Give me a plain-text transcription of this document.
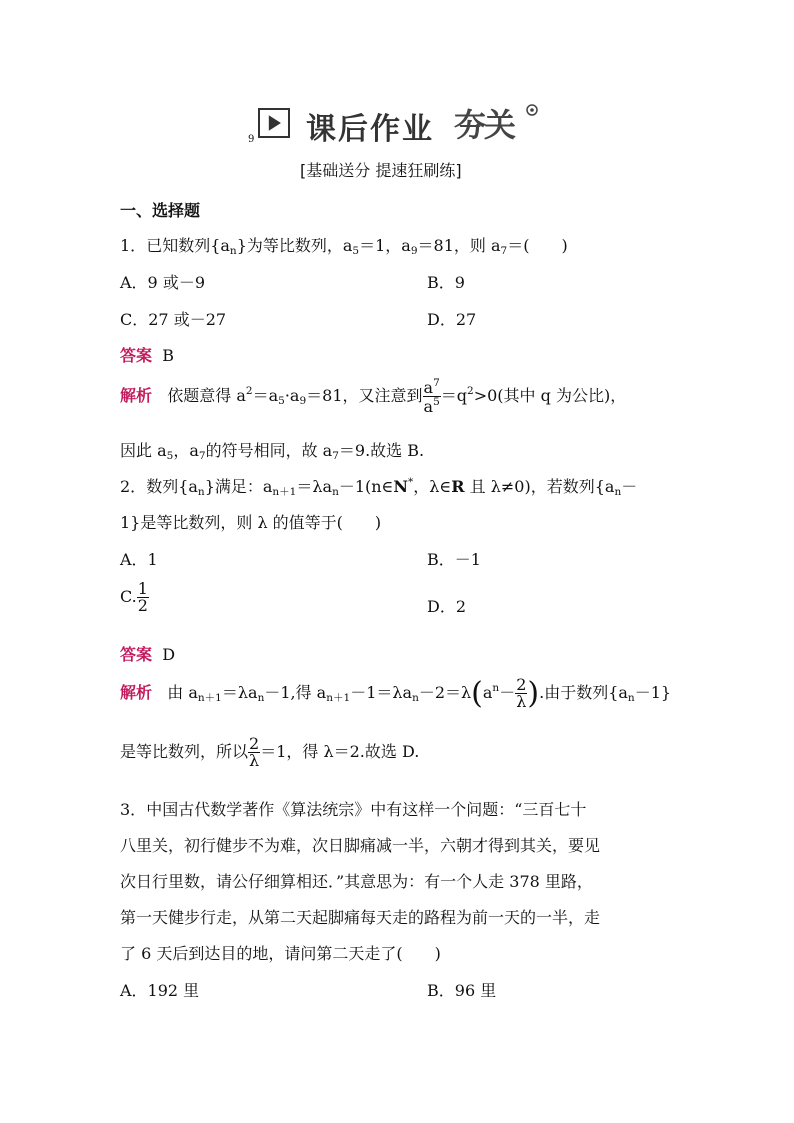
9 课后作业 夯关
[基础送分 提速狂刷练]
一、选择题
1．已知数列$\{a_n\}$为等比数列，$a_5=1$，$a_9=81$，则 $a_7=$(　　)
A．9 或－9	B．9
C．27 或－27	D．27
答案 B
解析 依题意得 $a^2=a_5\cdot a_9=81$，又注意到 $\frac{a^7}{a^5} =q^2>0$(其中 q 为公比)，
因此 $a_5$，$a_7$的符号相同，故 $a_7=9$.故选 B.
2．数列$\{a_n\}$满足：$a_{n+1}=\lambda a_n-1(n\in N^*$，λ∈R 且 λ≠0)，若数列{$a_n-$
1}是等比数列，则 λ 的值等于(　　)
A．1	B．－1
C. $\frac{1}{2}$	D．2
答案 D
解析 由 $a_{n+1}=\lambda a_n-1$,得 $a_{n+1}-1=\lambda a_n-2=\lambda(a^n- \frac{2}{\lambda}$ ).由于数列$\{a_n-1\}$
是等比数列，所以 $\frac{2}{\lambda} =1$，得 λ＝2.故选 D.
3．中国古代数学著作《算法统宗》中有这样一个问题：“三百七十
八里关，初行健步不为难，次日脚痛减一半，六朝才得到其关，要见
次日行里数，请公仔细算相还．”其意思为：有一个人走 378 里路，
第一天健步行走，从第二天起脚痛每天走的路程为前一天的一半，走
了 6 天后到达目的地，请问第二天走了(　　)
A．192 里	B．96 里
